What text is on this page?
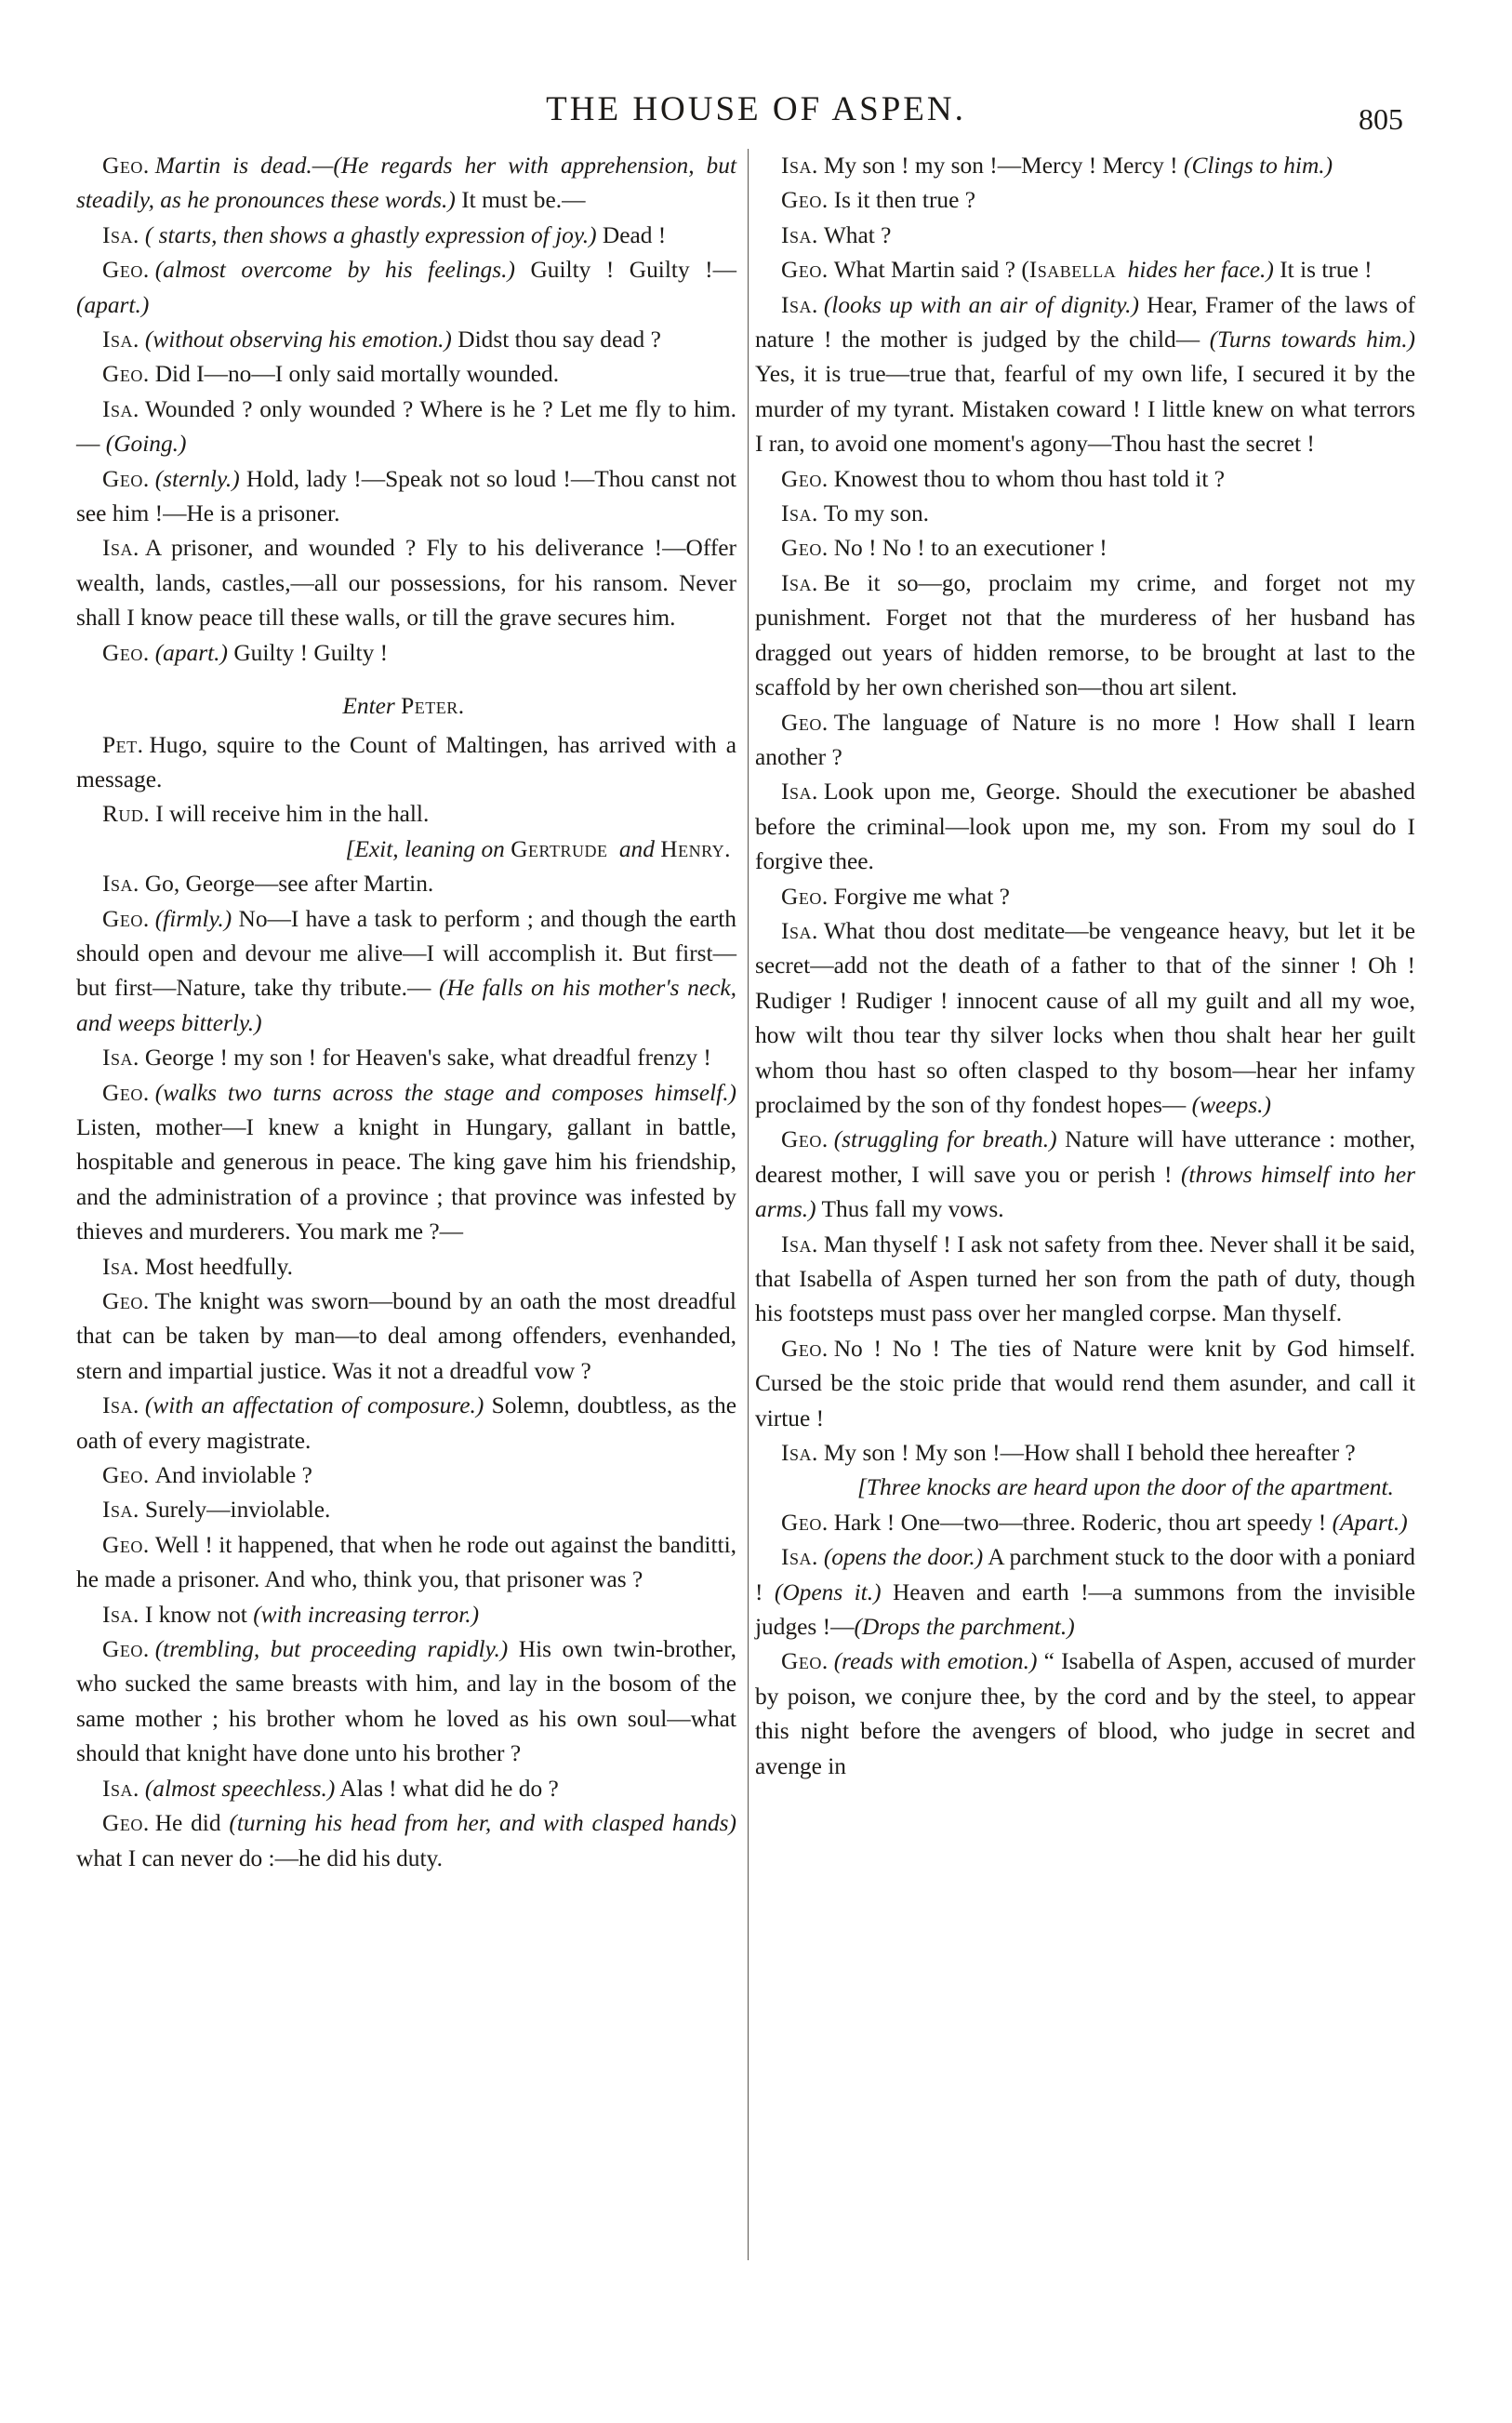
THE HOUSE OF ASPEN.	805

Geo. Martin is dead.—(He regards her with apprehension, but steadily, as he pronounces these words.) It must be.—

Isa. ( starts, then shows a ghastly expression of joy.) Dead !

Geo. (almost overcome by his feelings.) Guilty ! Guilty !— (apart.)

Isa. (without observing his emotion.) Didst thou say dead ?

Geo. Did I—no—I only said mortally wounded.

Isa. Wounded ? only wounded ? Where is he ? Let me fly to him.— (Going.)

Geo. (sternly.) Hold, lady !—Speak not so loud !—Thou canst not see him !—He is a prisoner.

Isa. A prisoner, and wounded ? Fly to his deliverance !—Offer wealth, lands, castles,—all our possessions, for his ransom. Never shall I know peace till these walls, or till the grave secures him.

Geo. (apart.) Guilty ! Guilty !

Enter Peter.

Pet. Hugo, squire to the Count of Maltingen, has arrived with a message.

Rud. I will receive him in the hall.

[Exit, leaning on Gertrude and Henry.

Isa. Go, George—see after Martin.

Geo. (firmly.) No—I have a task to perform ; and though the earth should open and devour me alive—I will accomplish it. But first—but first—Nature, take thy tribute.— (He falls on his mother's neck, and weeps bitterly.)

Isa. George ! my son ! for Heaven's sake, what dreadful frenzy !

Geo. (walks two turns across the stage and composes himself.) Listen, mother—I knew a knight in Hungary, gallant in battle, hospitable and generous in peace. The king gave him his friendship, and the administration of a province ; that province was infested by thieves and murderers. You mark me ?—

Isa. Most heedfully.

Geo. The knight was sworn—bound by an oath the most dreadful that can be taken by man—to deal among offenders, evenhanded, stern and impartial justice. Was it not a dreadful vow ?

Isa. (with an affectation of composure.) Solemn, doubtless, as the oath of every magistrate.

Geo. And inviolable ?

Isa. Surely—inviolable.

Geo. Well ! it happened, that when he rode out against the banditti, he made a prisoner. And who, think you, that prisoner was ?

Isa. I know not (with increasing terror.)

Geo. (trembling, but proceeding rapidly.) His own twin-brother, who sucked the same breasts with him, and lay in the bosom of the same mother ; his brother whom he loved as his own soul—what should that knight have done unto his brother ?

Isa. (almost speechless.) Alas ! what did he do ?

Geo. He did (turning his head from her, and with clasped hands) what I can never do :—he did his duty.

Isa. My son ! my son !—Mercy ! Mercy ! (Clings to him.)

Geo. Is it then true ?

Isa. What ?

Geo. What Martin said ? (Isabella hides her face.) It is true !

Isa. (looks up with an air of dignity.) Hear, Framer of the laws of nature ! the mother is judged by the child— (Turns towards him.) Yes, it is true—true that, fearful of my own life, I secured it by the murder of my tyrant. Mistaken coward ! I little knew on what terrors I ran, to avoid one moment's agony—Thou hast the secret !

Geo. Knowest thou to whom thou hast told it ?

Isa. To my son.

Geo. No ! No ! to an executioner !

Isa. Be it so—go, proclaim my crime, and forget not my punishment. Forget not that the murderess of her husband has dragged out years of hidden remorse, to be brought at last to the scaffold by her own cherished son—thou art silent.

Geo. The language of Nature is no more ! How shall I learn another ?

Isa. Look upon me, George. Should the executioner be abashed before the criminal—look upon me, my son. From my soul do I forgive thee.

Geo. Forgive me what ?

Isa. What thou dost meditate—be vengeance heavy, but let it be secret—add not the death of a father to that of the sinner ! Oh ! Rudiger ! Rudiger ! innocent cause of all my guilt and all my woe, how wilt thou tear thy silver locks when thou shalt hear her guilt whom thou hast so often clasped to thy bosom—hear her infamy proclaimed by the son of thy fondest hopes— (weeps.)

Geo. (struggling for breath.) Nature will have utterance : mother, dearest mother, I will save you or perish ! (throws himself into her arms.) Thus fall my vows.

Isa. Man thyself ! I ask not safety from thee. Never shall it be said, that Isabella of Aspen turned her son from the path of duty, though his footsteps must pass over her mangled corpse. Man thyself.

Geo. No ! No ! The ties of Nature were knit by God himself. Cursed be the stoic pride that would rend them asunder, and call it virtue !

Isa. My son ! My son !—How shall I behold thee hereafter ?

[Three knocks are heard upon the door of the apartment.

Geo. Hark ! One—two—three. Roderic, thou art speedy ! (Apart.)

Isa. (opens the door.) A parchment stuck to the door with a poniard ! (Opens it.) Heaven and earth !—a summons from the invisible judges !—(Drops the parchment.)

Geo. (reads with emotion.) “ Isabella of Aspen, accused of murder by poison, we conjure thee, by the cord and by the steel, to appear this night before the avengers of blood, who judge in secret and avenge in
